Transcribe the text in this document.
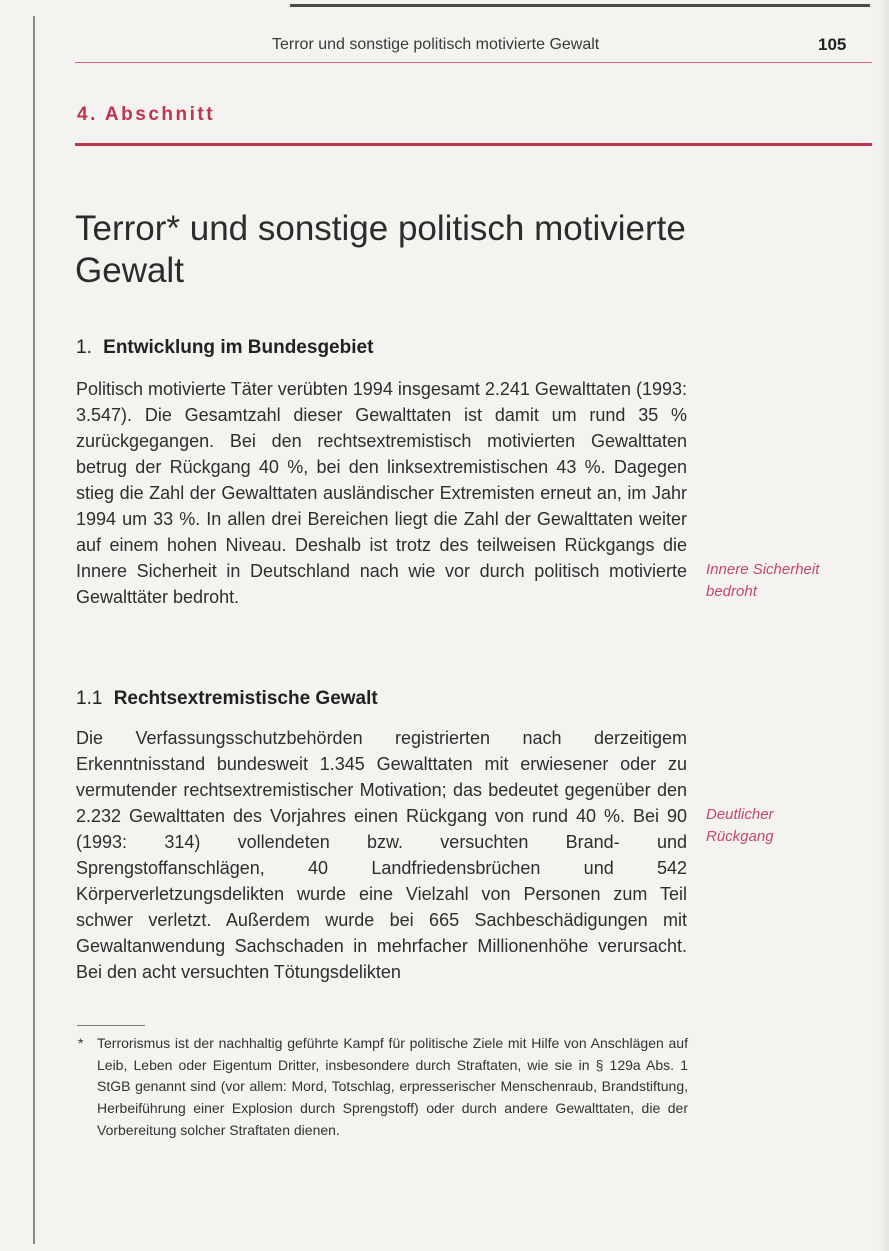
Terror und sonstige politisch motivierte Gewalt	105
4. Abschnitt
Terror* und sonstige politisch motivierte Gewalt
1. Entwicklung im Bundesgebiet

Politisch motivierte Täter verübten 1994 insgesamt 2.241 Gewalttaten (1993: 3.547). Die Gesamtzahl dieser Gewalttaten ist damit um rund 35 % zurückgegangen. Bei den rechtsextremistisch motivierten Gewalttaten betrug der Rückgang 40 %, bei den linksextremistischen 43 %. Dagegen stieg die Zahl der Gewalttaten ausländischer Extremisten erneut an, im Jahr 1994 um 33 %. In allen drei Bereichen liegt die Zahl der Gewalttaten weiter auf einem hohen Niveau. Deshalb ist trotz des teilweisen Rückgangs die Innere Sicherheit in Deutschland nach wie vor durch politisch motivierte Gewalttäter bedroht.

Innere Sicherheit
bedroht
1.1 Rechtsextremistische Gewalt

Die Verfassungsschutzbehörden registrierten nach derzeitigem Erkenntnisstand bundesweit 1.345 Gewalttaten mit erwiesener oder zu vermutender rechtsextremistischer Motivation; das bedeutet gegenüber den 2.232 Gewalttaten des Vorjahres einen Rückgang von rund 40 %. Bei 90 (1993: 314) vollendeten bzw. versuchten Brand- und Sprengstoffanschlägen, 40 Landfriedensbrüchen und 542 Körperverletzungsdelikten wurde eine Vielzahl von Personen zum Teil schwer verletzt. Außerdem wurde bei 665 Sachbeschädigungen mit Gewaltanwendung Sachschaden in mehrfacher Millionenhöhe verursacht. Bei den acht versuchten Tötungsdelikten

Deutlicher
Rückgang

* Terrorismus ist der nachhaltig geführte Kampf für politische Ziele mit Hilfe von Anschlägen auf Leib, Leben oder Eigentum Dritter, insbesondere durch Straftaten, wie sie in § 129a Abs. 1 StGB genannt sind (vor allem: Mord, Totschlag, erpresserischer Menschenraub, Brandstiftung, Herbeiführung einer Explosion durch Sprengstoff) oder durch andere Gewalttaten, die der Vorbereitung solcher Straftaten dienen.
